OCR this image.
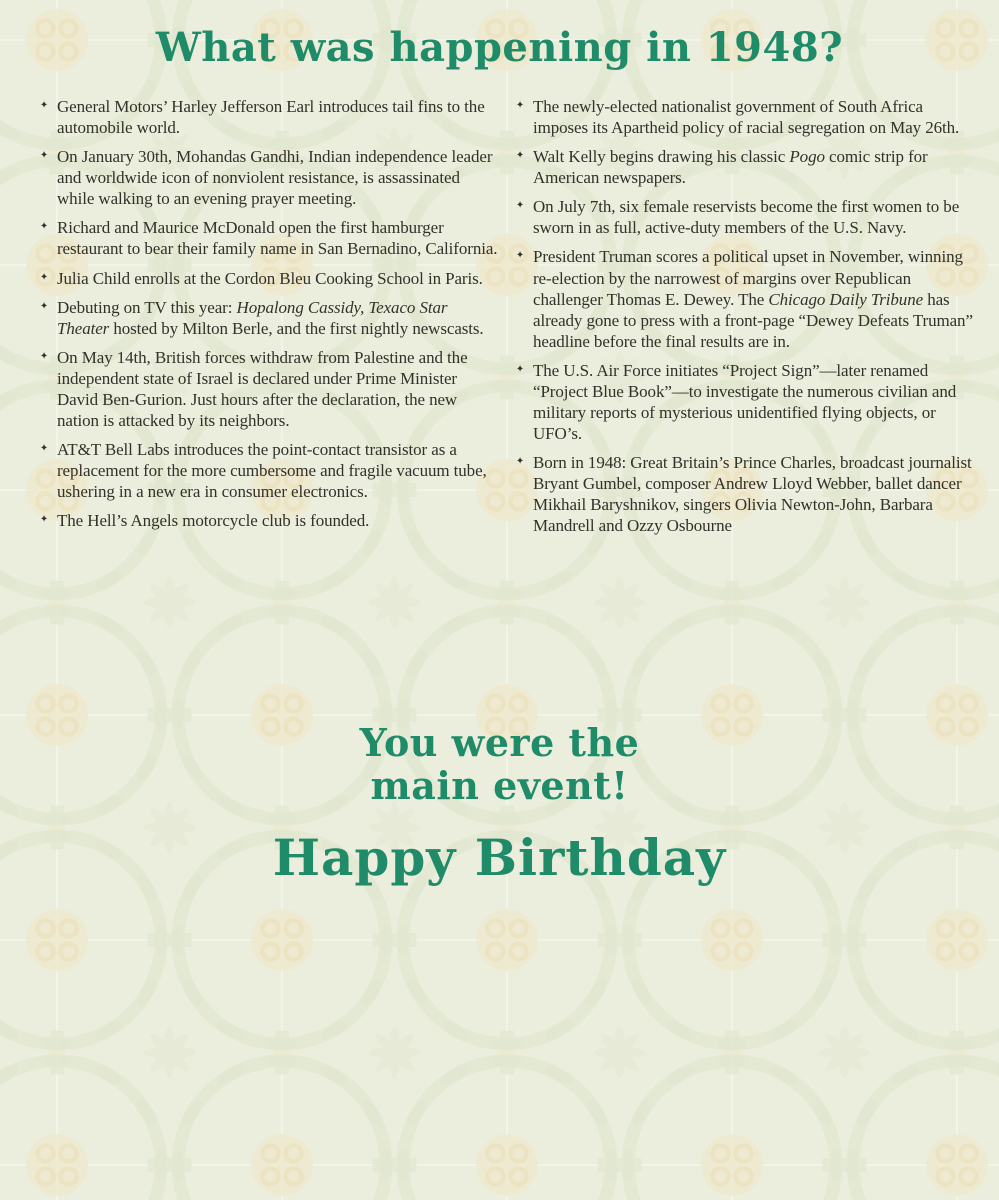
What was happening in 1948?
✦ General Motors’ Harley Jefferson Earl introduces tail fins to the automobile world.
✦ On January 30th, Mohandas Gandhi, Indian independence leader and worldwide icon of nonviolent resistance, is assassinated while walking to an evening prayer meeting.
✦ Richard and Maurice McDonald open the first hamburger restaurant to bear their family name in San Bernadino, California.
✦ Julia Child enrolls at the Cordon Bleu Cooking School in Paris.
✦ Debuting on TV this year: Hopalong Cassidy, Texaco Star Theater hosted by Milton Berle, and the first nightly newscasts.
✦ On May 14th, British forces withdraw from Palestine and the independent state of Israel is declared under Prime Minister David Ben-Gurion. Just hours after the declaration, the new nation is attacked by its neighbors.
✦ AT&T Bell Labs introduces the point-contact transistor as a replacement for the more cumbersome and fragile vacuum tube, ushering in a new era in consumer electronics.
✦ The Hell’s Angels motorcycle club is founded.
✦ The newly-elected nationalist government of South Africa imposes its Apartheid policy of racial segregation on May 26th.
✦ Walt Kelly begins drawing his classic Pogo comic strip for American newspapers.
✦ On July 7th, six female reservists become the first women to be sworn in as full, active-duty members of the U.S. Navy.
✦ President Truman scores a political upset in November, winning re-election by the narrowest of margins over Republican challenger Thomas E. Dewey. The Chicago Daily Tribune has already gone to press with a front-page “Dewey Defeats Truman” headline before the final results are in.
✦ The U.S. Air Force initiates “Project Sign”—later renamed “Project Blue Book”—to investigate the numerous civilian and military reports of mysterious unidentified flying objects, or UFO’s.
✦ Born in 1948: Great Britain’s Prince Charles, broadcast journalist Bryant Gumbel, composer Andrew Lloyd Webber, ballet dancer Mikhail Baryshnikov, singers Olivia Newton-John, Barbara Mandrell and Ozzy Osbourne
You were the
main event!
Happy Birthday
